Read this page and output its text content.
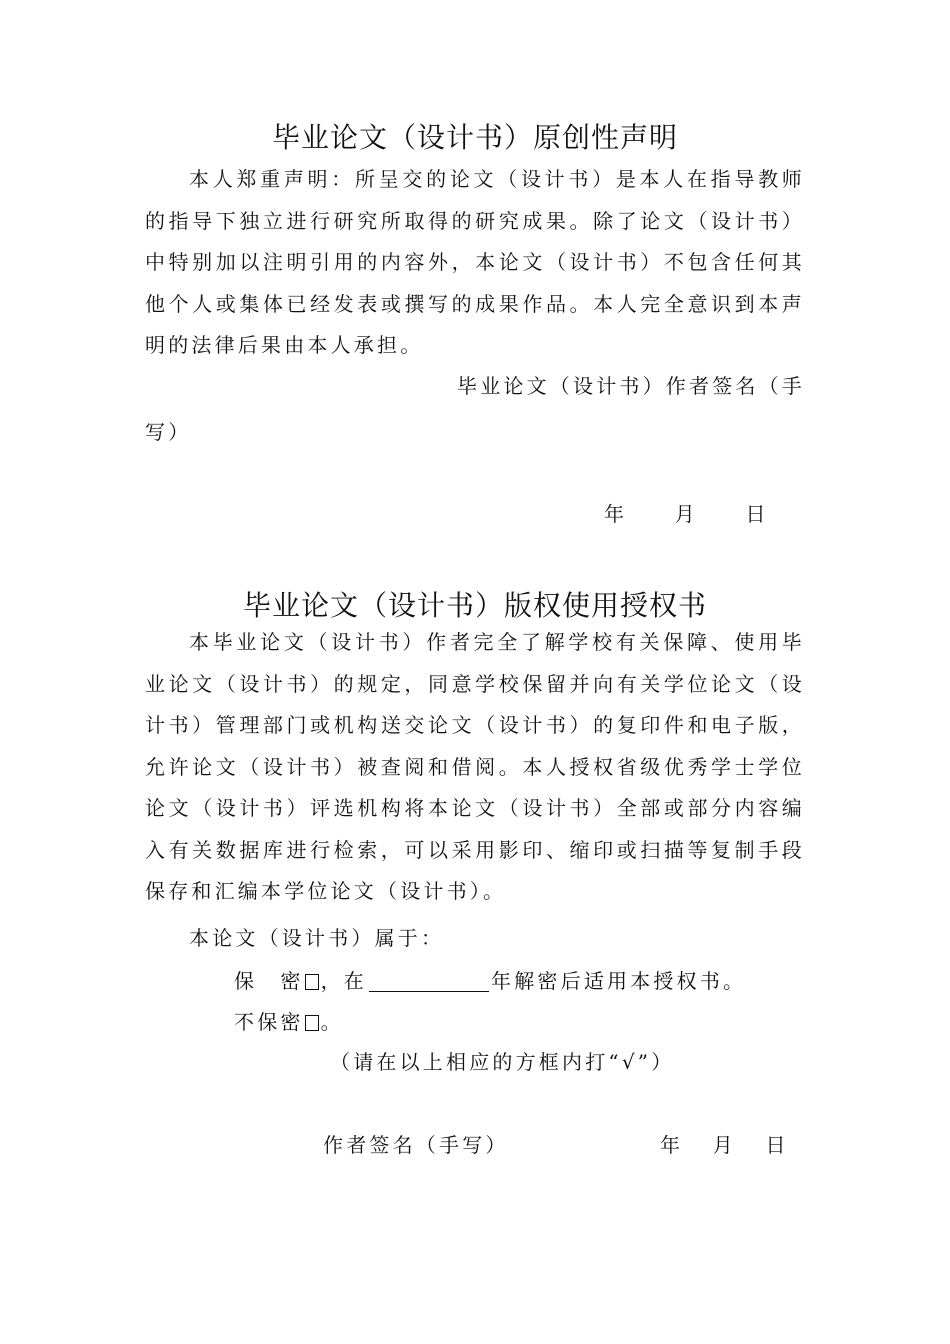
毕业论文（设计书）原创性声明

本人郑重声明：所呈交的论文（设计书）是本人在指导教师的指导下独立进行研究所取得的研究成果。除了论文（设计书）中特别加以注明引用的内容外，本论文（设计书）不包含任何其他个人或集体已经发表或撰写的成果作品。本人完全意识到本声明的法律后果由本人承担。

毕业论文（设计书）作者签名（手

写）

年 月 日
毕业论文（设计书）版权使用授权书

本毕业论文（设计书）作者完全了解学校有关保障、使用毕业论文（设计书）的规定，同意学校保留并向有关学位论文（设计书）管理部门或机构送交论文（设计书）的复印件和电子版，允许论文（设计书）被查阅和借阅。本人授权省级优秀学士学位论文（设计书）评选机构将本论文（设计书）全部或部分内容编入有关数据库进行检索，可以采用影印、缩印或扫描等复制手段保存和汇编本学位论文（设计书）。

本论文（设计书）属于：
保　密 ，在	年解密后适用本授权书。
不保密 。
（请在以上相应的方框内打“√”）
作者签名（手写）	年 月 日
